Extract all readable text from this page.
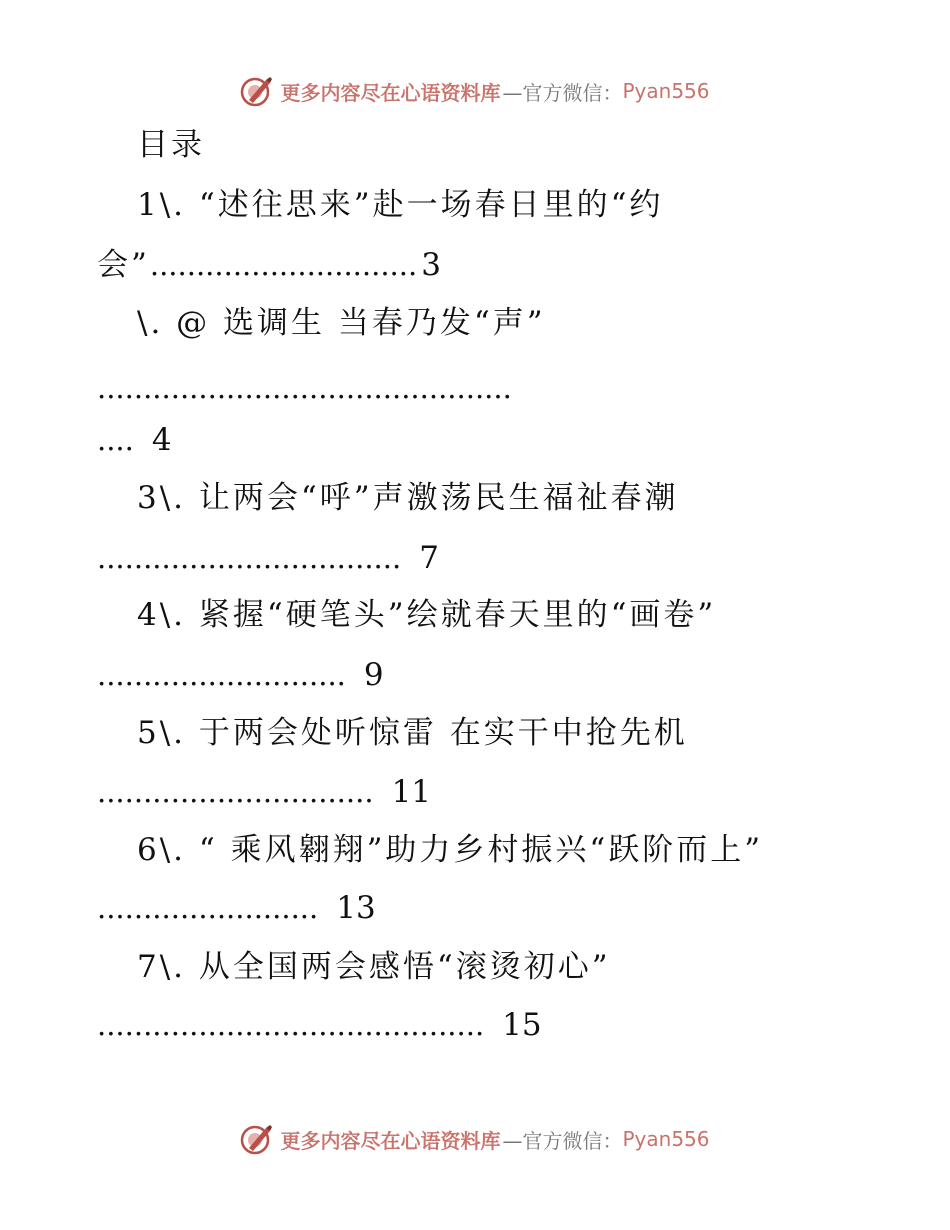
更多内容尽在心语资料库 —官方微信： Pyan556
目录
1\. “述往思来”赴一场春日里的“约
会”............................. 3
\. @ 选调生 当春乃发“声”
.............................................
.... 4
3\. 让两会“呼”声激荡民生福祉春潮
................................. 7
4\. 紧握“硬笔头”绘就春天里的“画卷”
........................... 9
5\. 于两会处听惊雷 在实干中抢先机
.............................. 11
6\. “ 乘风翱翔”助力乡村振兴“跃阶而上”
........................ 13
7\. 从全国两会感悟“滚烫初心”
.......................................... 15
更多内容尽在心语资料库 —官方微信： Pyan556
